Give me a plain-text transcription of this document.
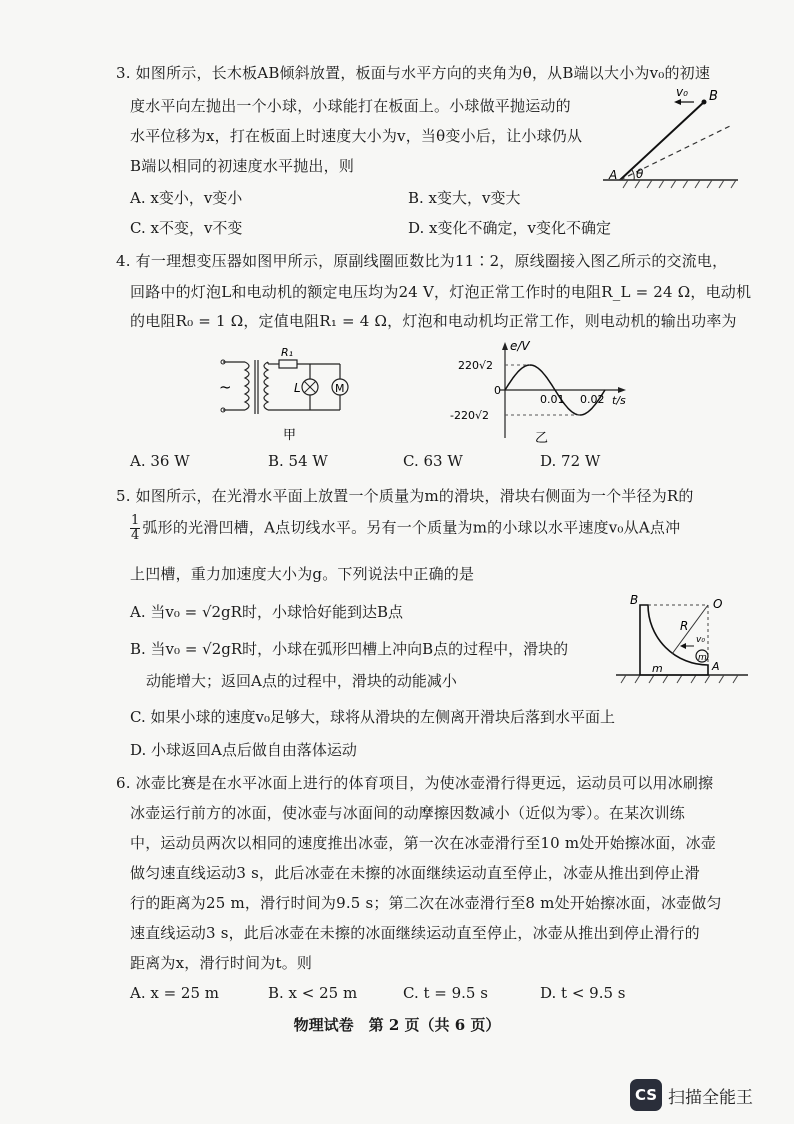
3. 如图所示，长木板AB倾斜放置，板面与水平方向的夹角为θ，从B端以大小为v₀的初速
度水平向左抛出一个小球，小球能打在板面上。小球做平抛运动的
水平位移为x，打在板面上时速度大小为v，当θ变小后，让小球仍从
B端以相同的初速度水平抛出，则
v₀ B
A θ
A. x变小，v变小	B. x变大，v变大
C. x不变，v不变	D. x变化不确定，v变化不确定
4. 有一理想变压器如图甲所示，原副线圈匝数比为11∶2，原线圈接入图乙所示的交流电，
回路中的灯泡L和电动机的额定电压均为24 V，灯泡正常工作时的电阻R_L = 24 Ω，电动机
的电阻R₀ = 1 Ω，定值电阻R₁ = 4 Ω，灯泡和电动机均正常工作，则电动机的输出功率为
~	M
R₁
L
甲
e/V
220√2
0
-220√2
0.01 0.02 t/s
乙
A. 36 W	B. 54 W	C. 63 W	D. 72 W
5. 如图所示，在光滑水平面上放置一个质量为m的滑块，滑块右侧面为一个半径为R的
$\frac{1}{4}$ 弧形的光滑凹槽，A点切线水平。另有一个质量为m的小球以水平速度v₀从A点冲
上凹槽，重力加速度大小为g。下列说法中正确的是
A. 当v₀ = √2gR时，小球恰好能到达B点
B. 当v₀ = √2gR时，小球在弧形凹槽上冲向B点的过程中，滑块的
动能增大；返回A点的过程中，滑块的动能减小
C. 如果小球的速度v₀足够大，球将从滑块的左侧离开滑块后落到水平面上
D. 小球返回A点后做自由落体运动
B	O
R
v₀
m
m	A
6. 冰壶比赛是在水平冰面上进行的体育项目，为使冰壶滑行得更远，运动员可以用冰刷擦
冰壶运行前方的冰面，使冰壶与冰面间的动摩擦因数减小（近似为零）。在某次训练
中，运动员两次以相同的速度推出冰壶，第一次在冰壶滑行至10 m处开始擦冰面，冰壶
做匀速直线运动3 s，此后冰壶在未擦的冰面继续运动直至停止，冰壶从推出到停止滑
行的距离为25 m，滑行时间为9.5 s；第二次在冰壶滑行至8 m处开始擦冰面，冰壶做匀
速直线运动3 s，此后冰壶在未擦的冰面继续运动直至停止，冰壶从推出到停止滑行的
距离为x，滑行时间为t。则
A. x = 25 m	B. x < 25 m	C. t = 9.5 s	D. t < 9.5 s
物理试卷　第 2 页（共 6 页）
CS 扫描全能王
